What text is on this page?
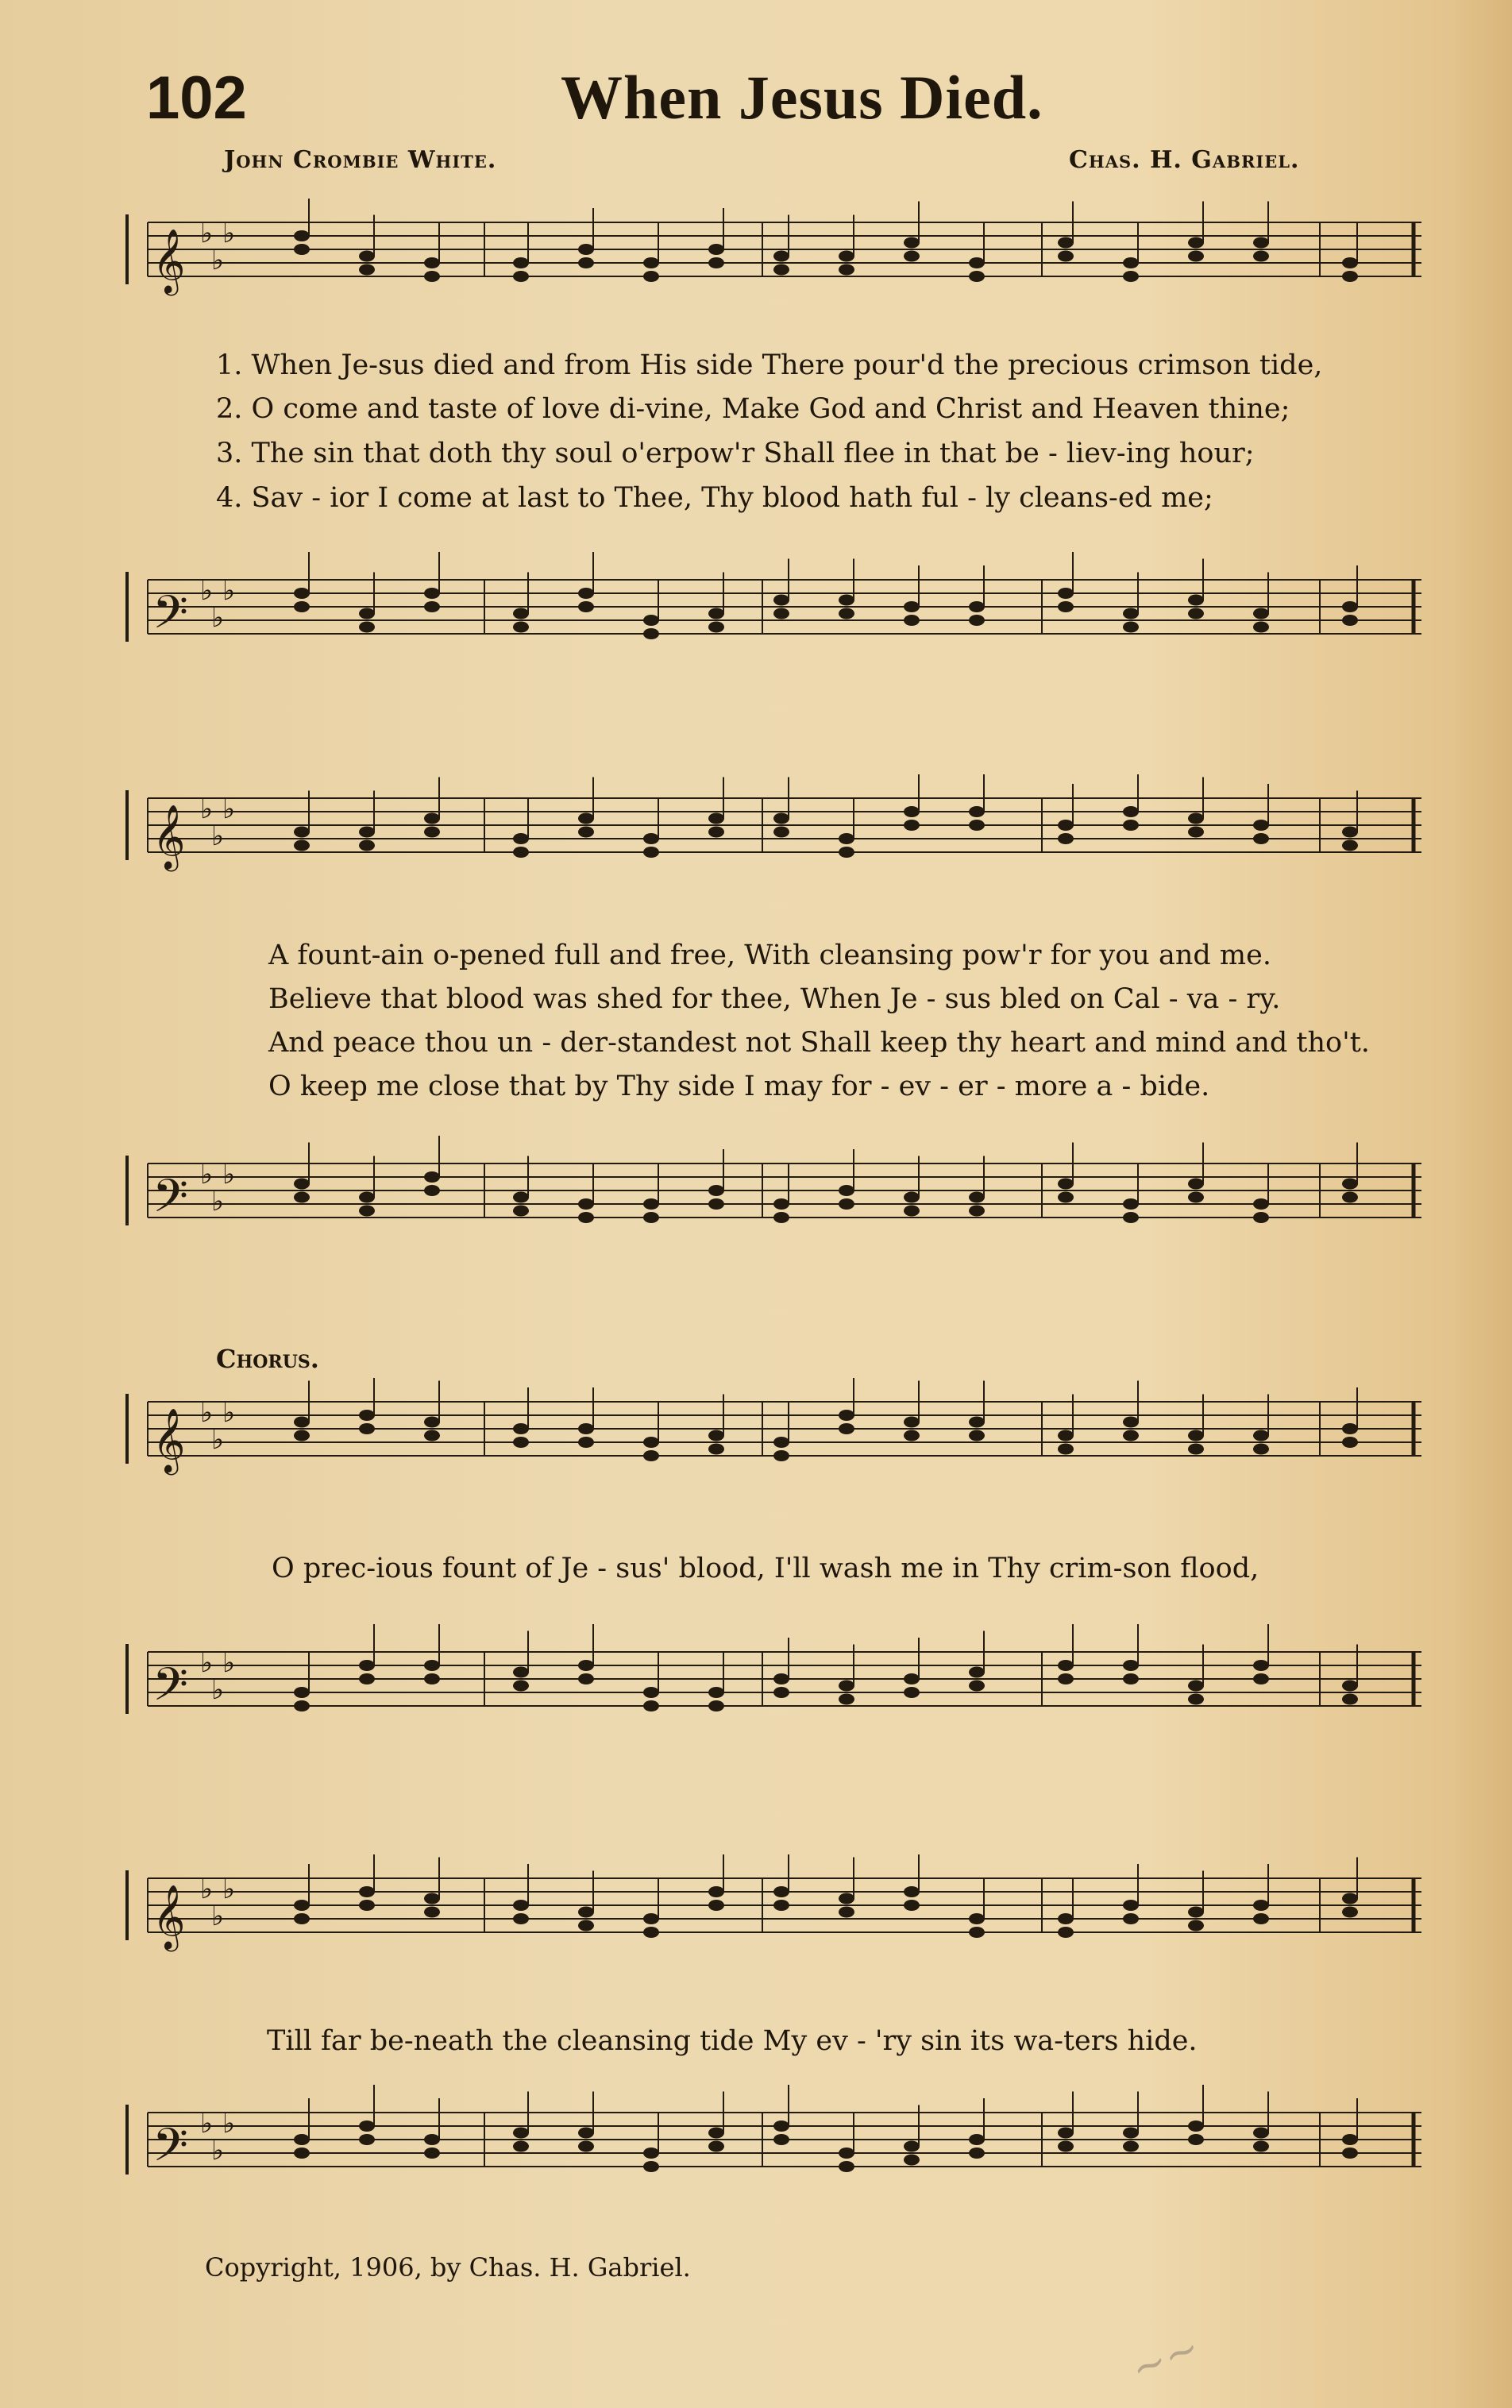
102	When Jesus Died.
John Crombie White.	Chas. H. Gabriel.
𝄞 ♭
♭
♭
𝄢 ♭
♭
♭
𝄞 ♭
♭
♭
𝄢 ♭
♭
♭
𝄞 ♭
♭
♭
𝄢 ♭
♭
♭
𝄞 ♭
♭
♭
𝄢 ♭
♭
♭
1. When Je-sus died and from His side There pour'd the precious crimson tide,
2. O come and taste of love di-vine, Make God and Christ and Heaven thine;
3. The sin that doth thy soul o'erpow'r Shall flee in that be - liev-ing hour;
4. Sav - ior I come at last to Thee, Thy blood hath ful - ly cleans-ed me;
A fount-ain o-pened full and free, With cleansing pow'r for you and me.
Believe that blood was shed for thee, When Je - sus bled on Cal - va - ry.
And peace thou un - der-standest not Shall keep thy heart and mind and tho't.
O keep me close that by Thy side I may for - ev - er - more a - bide.
Chorus.
O prec-ious fount of Je - sus' blood, I'll wash me in Thy crim-son flood,
Till far be-neath the cleansing tide My ev - 'ry sin its wa-ters hide.
Copyright, 1906, by Chas. H. Gabriel.
~~
